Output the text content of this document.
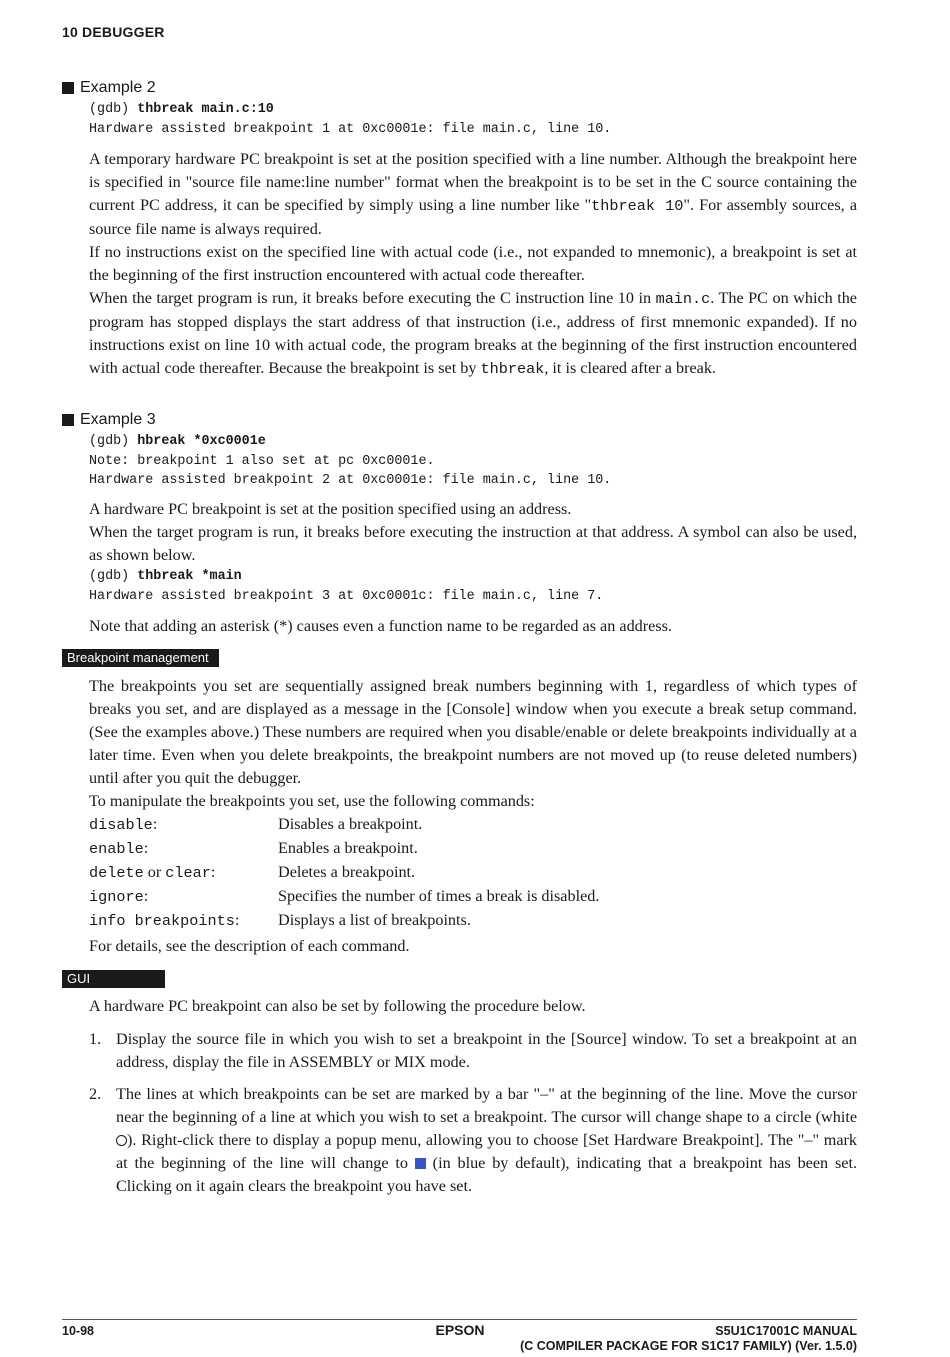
10 DEBUGGER
Example 2
(gdb) thbreak main.c:10
Hardware assisted breakpoint 1 at 0xc0001e: file main.c, line 10.

A temporary hardware PC breakpoint is set at the position specified with a line number. Although the breakpoint here is specified in "source file name:line number" format when the breakpoint is to be set in the C source containing the current PC address, it can be specified by simply using a line number like "thbreak 10". For assembly sources, a source file name is always required.

If no instructions exist on the specified line with actual code (i.e., not expanded to mnemonic), a breakpoint is set at the beginning of the first instruction encountered with actual code thereafter.

When the target program is run, it breaks before executing the C instruction line 10 in main.c. The PC on which the program has stopped displays the start address of that instruction (i.e., address of first mnemonic expanded). If no instructions exist on line 10 with actual code, the program breaks at the beginning of the first instruction encountered with actual code thereafter. Because the breakpoint is set by thbreak, it is cleared after a break.

Example 3
(gdb) hbreak *0xc0001e
Note: breakpoint 1 also set at pc 0xc0001e.
Hardware assisted breakpoint 2 at 0xc0001e: file main.c, line 10.

A hardware PC breakpoint is set at the position specified using an address.

When the target program is run, it breaks before executing the instruction at that address. A symbol can also be used, as shown below.

(gdb) thbreak *main
Hardware assisted breakpoint 3 at 0xc0001c: file main.c, line 7.
Note that adding an asterisk (*) causes even a function name to be regarded as an address.
Breakpoint management

The breakpoints you set are sequentially assigned break numbers beginning with 1, regardless of which types of breaks you set, and are displayed as a message in the [Console] window when you execute a break setup command. (See the examples above.) These numbers are required when you disable/enable or delete breakpoints individually at a later time. Even when you delete breakpoints, the breakpoint numbers are not moved up (to reuse deleted numbers) until after you quit the debugger.

To manipulate the breakpoints you set, use the following commands:

disable:	Disables a breakpoint.
enable:	Enables a breakpoint.
delete or clear:	Deletes a breakpoint.
ignore:	Specifies the number of times a break is disabled.
info breakpoints:	Displays a list of breakpoints.
For details, see the description of each command.
GUI
A hardware PC breakpoint can also be set by following the procedure below.
1. Display the source file in which you wish to set a breakpoint in the [Source] window. To set a breakpoint at an address, display the file in ASSEMBLY or MIX mode.
2. The lines at which breakpoints can be set are marked by a bar "–" at the beginning of the line. Move the cursor near the beginning of a line at which you wish to set a breakpoint. The cursor will change shape to a circle (white ). Right-click there to display a popup menu, allowing you to choose [Set Hardware Breakpoint]. The "–" mark at the beginning of the line will change to  (in blue by default), indicating that a breakpoint has been set. Clicking on it again clears the breakpoint you have set.
10-98	EPSON	S5U1C17001C MANUAL
(C COMPILER PACKAGE FOR S1C17 FAMILY) (Ver. 1.5.0)
